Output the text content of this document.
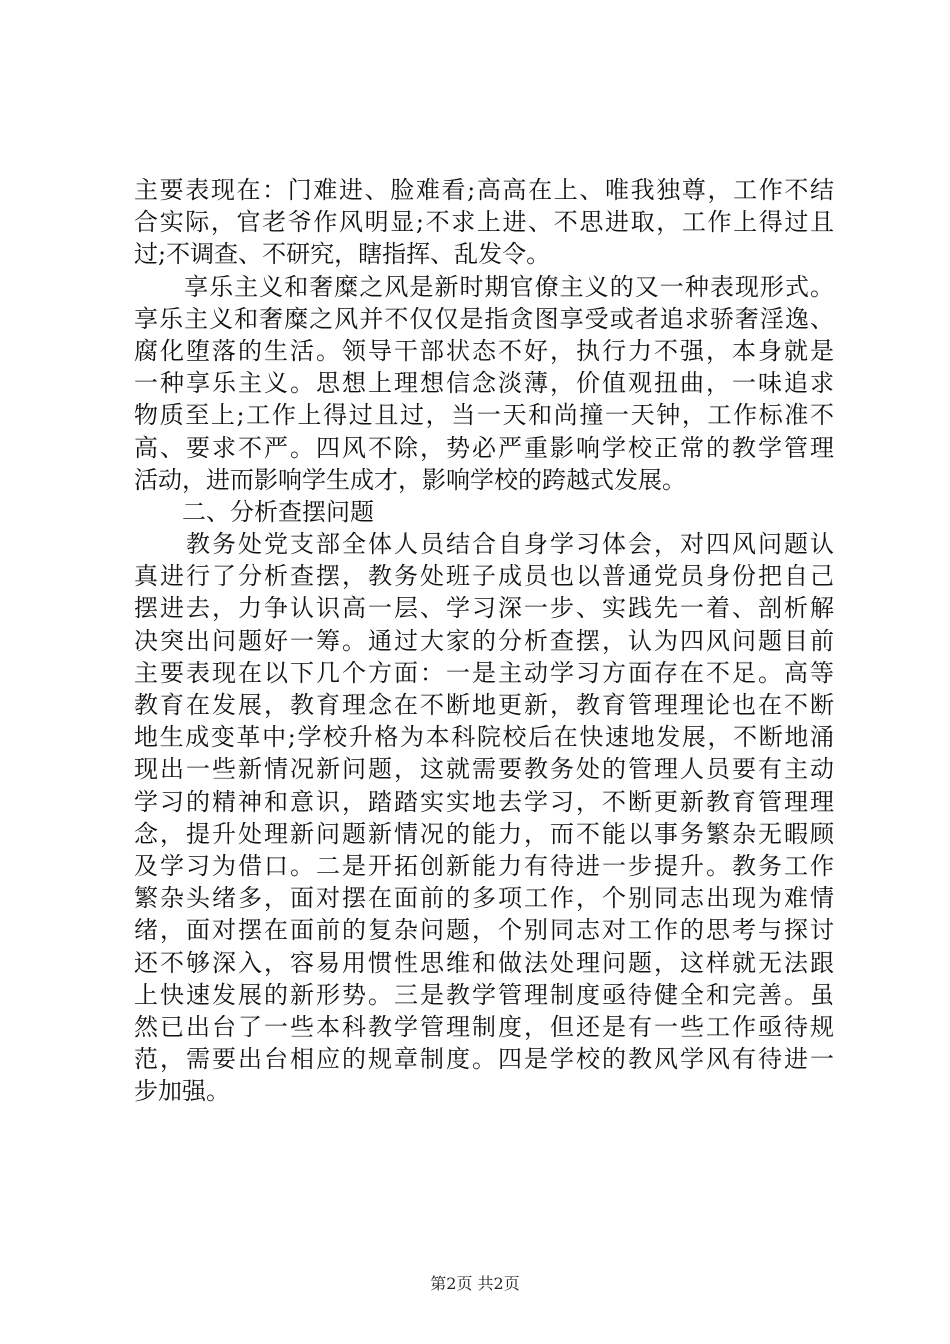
主要表现在：门难进、脸难看;高高在上、唯我独尊，工作不结
合实际，官老爷作风明显;不求上进、不思进取，工作上得过且
过;不调查、不研究，瞎指挥、乱发令。
　　享乐主义和奢糜之风是新时期官僚主义的又一种表现形式。
享乐主义和奢糜之风并不仅仅是指贪图享受或者追求骄奢淫逸、
腐化堕落的生活。领导干部状态不好，执行力不强，本身就是
一种享乐主义。思想上理想信念淡薄，价值观扭曲，一味追求
物质至上;工作上得过且过，当一天和尚撞一天钟，工作标准不
高、要求不严。四风不除，势必严重影响学校正常的教学管理
活动，进而影响学生成才，影响学校的跨越式发展。
　　二、分析查摆问题
　　教务处党支部全体人员结合自身学习体会，对四风问题认
真进行了分析查摆，教务处班子成员也以普通党员身份把自己
摆进去，力争认识高一层、学习深一步、实践先一着、剖析解
决突出问题好一筹。通过大家的分析查摆，认为四风问题目前
主要表现在以下几个方面：一是主动学习方面存在不足。高等
教育在发展，教育理念在不断地更新，教育管理理论也在不断
地生成变革中;学校升格为本科院校后在快速地发展，不断地涌
现出一些新情况新问题，这就需要教务处的管理人员要有主动
学习的精神和意识，踏踏实实地去学习，不断更新教育管理理
念，提升处理新问题新情况的能力，而不能以事务繁杂无暇顾
及学习为借口。二是开拓创新能力有待进一步提升。教务工作
繁杂头绪多，面对摆在面前的多项工作，个别同志出现为难情
绪，面对摆在面前的复杂问题，个别同志对工作的思考与探讨
还不够深入，容易用惯性思维和做法处理问题，这样就无法跟
上快速发展的新形势。三是教学管理制度亟待健全和完善。虽
然已出台了一些本科教学管理制度，但还是有一些工作亟待规
范，需要出台相应的规章制度。四是学校的教风学风有待进一
步加强。
第2页 共2页
